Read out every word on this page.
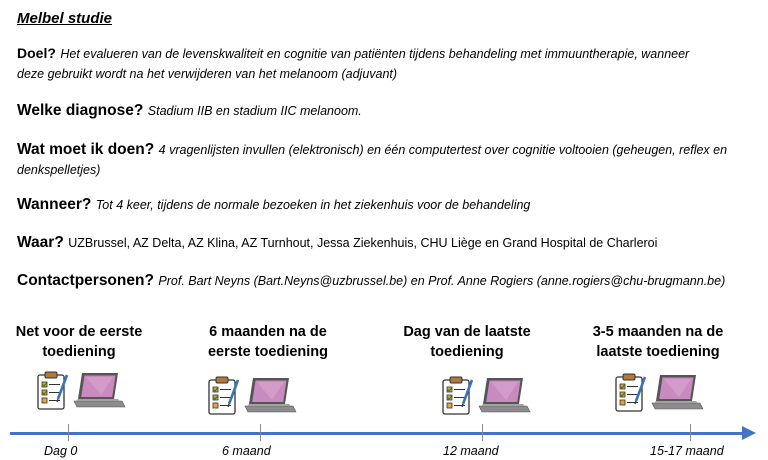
Melbel studie
Doel? Het evalueren van de levenskwaliteit en cognitie van patiënten tijdens behandeling met immuuntherapie, wanneer
deze gebruikt wordt na het verwijderen van het melanoom (adjuvant)
Welke diagnose? Stadium IIB en stadium IIC melanoom.
Wat moet ik doen? 4 vragenlijsten invullen (elektronisch) en één computertest over cognitie voltooien (geheugen, reflex en
denkspelletjes)
Wanneer? Tot 4 keer, tijdens de normale bezoeken in het ziekenhuis voor de behandeling
Waar? UZBrussel, AZ Delta, AZ Klina, AZ Turnhout, Jessa Ziekenhuis, CHU Liège en Grand Hospital de Charleroi
Contactpersonen? Prof. Bart Neyns (Bart.Neyns@uzbrussel.be) en Prof. Anne Rogiers (anne.rogiers@chu-brugmann.be)
Net voor de eerste
toediening
6 maanden na de
eerste toediening
Dag van de laatste
toediening
3-5 maanden na de
laatste toediening
Dag 0	6 maand	12 maand	15-17 maand
